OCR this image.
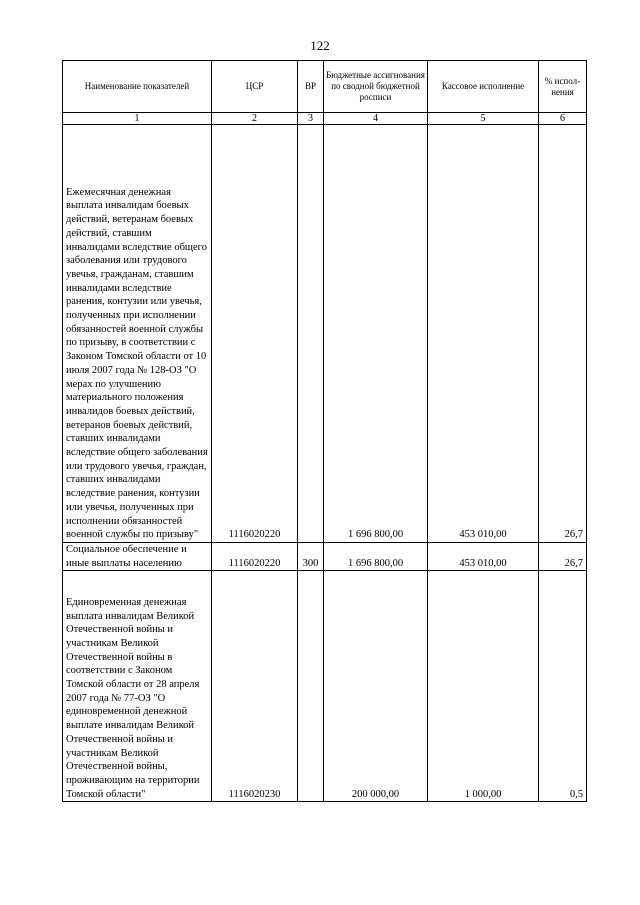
122
Наименование показателей	ЦСР	ВР	Бюджетные ассигнования по сводной бюджетной росписи	Кассовое исполнение	% испол-нения
1	2	3	4	5	6
Ежемесячная денежная выплата инвалидам боевых действий, ветеранам боевых действий, ставшим инвалидами вследствие общего заболевания или трудового увечья, гражданам, ставшим инвалидами вследствие ранения, контузии или увечья, полученных при исполнении обязанностей военной службы по призыву, в соответствии с Законом Томской области от 10 июля 2007 года № 128-ОЗ "О мерах по улучшению материального положения инвалидов боевых действий, ветеранов боевых действий, ставших инвалидами вследствие общего заболевания или трудового увечья, граждан, ставших инвалидами вследствие ранения, контузии или увечья, полученных при исполнении обязанностей военной службы по призыву"	1116020220		1 696 800,00	453 010,00	26,7
Социальное обеспечение и иные выплаты населению	1116020220	300	1 696 800,00	453 010,00	26,7
Единовременная денежная выплата инвалидам Великой Отечественной войны и участникам Великой Отечественной войны в соответствии с Законом Томской области от 28 апреля 2007 года № 77-ОЗ "О единовременной денежной выплате инвалидам Великой Отечественной войны и участникам Великой Отечественной войны, проживающим на территории Томской области"	1116020230		200 000,00	1 000,00	0,5
